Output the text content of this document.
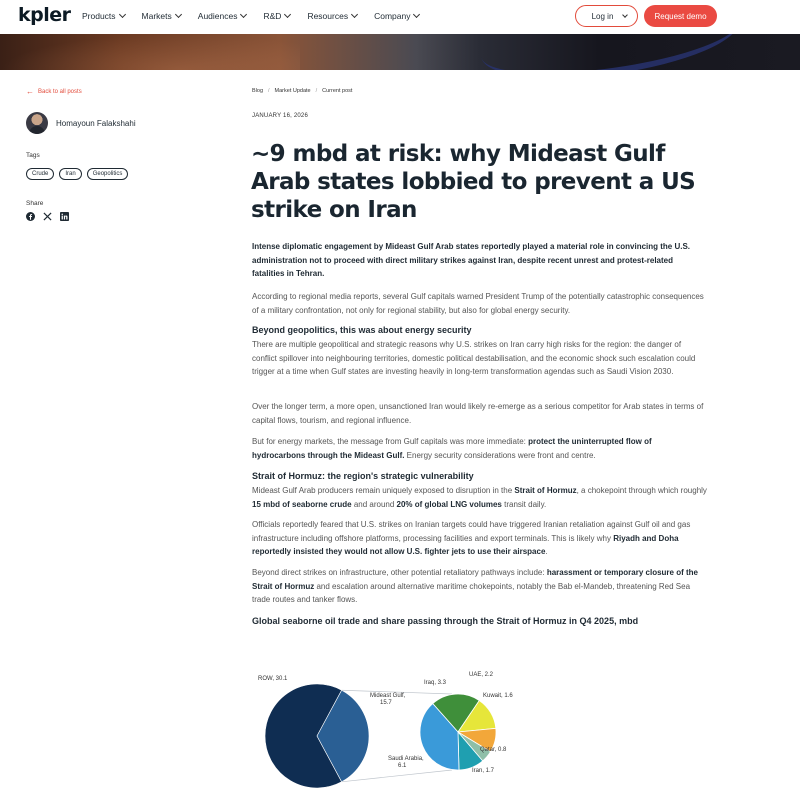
kpler Products	Markets	Audiences	R&D	Resources	Company	Log in	Request demo
← Back to all posts
Homayoun Falakshahi
Tags
Crude	Iran	Geopolitics
Share
Blog / Market Update / Current post
JANUARY 16, 2026
~9 mbd at risk: why Mideast Gulf Arab states lobbied to prevent a US strike on Iran

Intense diplomatic engagement by Mideast Gulf Arab states reportedly played a material role in convincing the U.S. administration not to proceed with direct military strikes against Iran, despite recent unrest and protest-related fatalities in Tehran.

According to regional media reports, several Gulf capitals warned President Trump of the potentially catastrophic consequences of a military confrontation, not only for regional stability, but also for global energy security.

Beyond geopolitics, this was about energy security

There are multiple geopolitical and strategic reasons why U.S. strikes on Iran carry high risks for the region: the danger of conflict spillover into neighbouring territories, domestic political destabilisation, and the economic shock such escalation could trigger at a time when Gulf states are investing heavily in long-term transformation agendas such as Saudi Vision 2030.

Over the longer term, a more open, unsanctioned Iran would likely re-emerge as a serious competitor for Arab states in terms of capital flows, tourism, and regional influence.

But for energy markets, the message from Gulf capitals was more immediate: protect the uninterrupted flow of hydrocarbons through the Mideast Gulf. Energy security considerations were front and centre.

Strait of Hormuz: the region's strategic vulnerability

Mideast Gulf Arab producers remain uniquely exposed to disruption in the Strait of Hormuz, a chokepoint through which roughly 15 mbd of seaborne crude and around 20% of global LNG volumes transit daily.

Officials reportedly feared that U.S. strikes on Iranian targets could have triggered Iranian retaliation against Gulf oil and gas infrastructure including offshore platforms, processing facilities and export terminals. This is likely why Riyadh and Doha reportedly insisted they would not allow U.S. fighter jets to use their airspace.

Beyond direct strikes on infrastructure, other potential retaliatory pathways include: harassment or temporary closure of the Strait of Hormuz and escalation around alternative maritime chokepoints, notably the Bab el-Mandeb, threatening Red Sea trade routes and tanker flows.

Global seaborne oil trade and share passing through the Strait of Hormuz in Q4 2025, mbd
ROW, 30.1
Mideast Gulf, 15.7
Iraq, 3.3
UAE, 2.2
Kuwait, 1.6
Qatar, 0.8
Iran, 1.7
Saudi Arabia, 6.1
